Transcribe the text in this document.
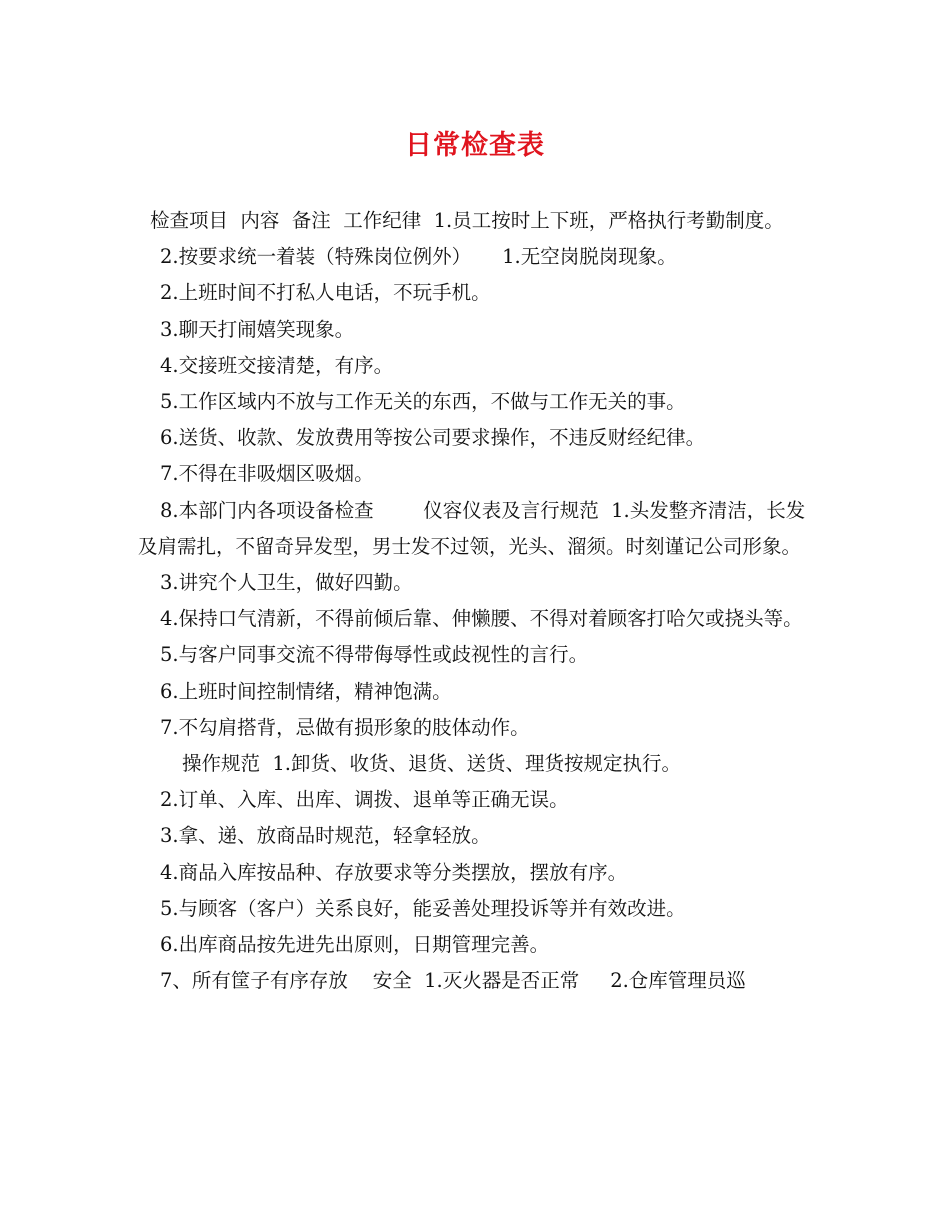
日常检查表

检查项目  内容  备注  工作纪律  1.员工按时上下班，严格执行考勤制度。

2.按要求统一着装（特殊岗位例外）     1.无空岗脱岗现象。

2.上班时间不打私人电话，不玩手机。

3.聊天打闹嬉笑现象。

4.交接班交接清楚，有序。

5.工作区域内不放与工作无关的东西，不做与工作无关的事。

6.送货、收款、发放费用等按公司要求操作，不违反财经纪律。

7.不得在非吸烟区吸烟。

8.本部门内各项设备检查        仪容仪表及言行规范  1.头发整齐清洁，长发及肩需扎，不留奇异发型，男士发不过领，光头、溜须。时刻谨记公司形象。

3.讲究个人卫生，做好四勤。

4.保持口气清新，不得前倾后靠、伸懒腰、不得对着顾客打哈欠或挠头等。

5.与客户同事交流不得带侮辱性或歧视性的言行。

6.上班时间控制情绪，精神饱满。

7.不勾肩搭背，忌做有损形象的肢体动作。

操作规范  1.卸货、收货、退货、送货、理货按规定执行。

2.订单、入库、出库、调拨、退单等正确无误。

3.拿、递、放商品时规范，轻拿轻放。

4.商品入库按品种、存放要求等分类摆放，摆放有序。

5.与顾客（客户）关系良好，能妥善处理投诉等并有效改进。

6.出库商品按先进先出原则，日期管理完善。

7、所有筐子有序存放    安全  1.灭火器是否正常     2.仓库管理员巡
